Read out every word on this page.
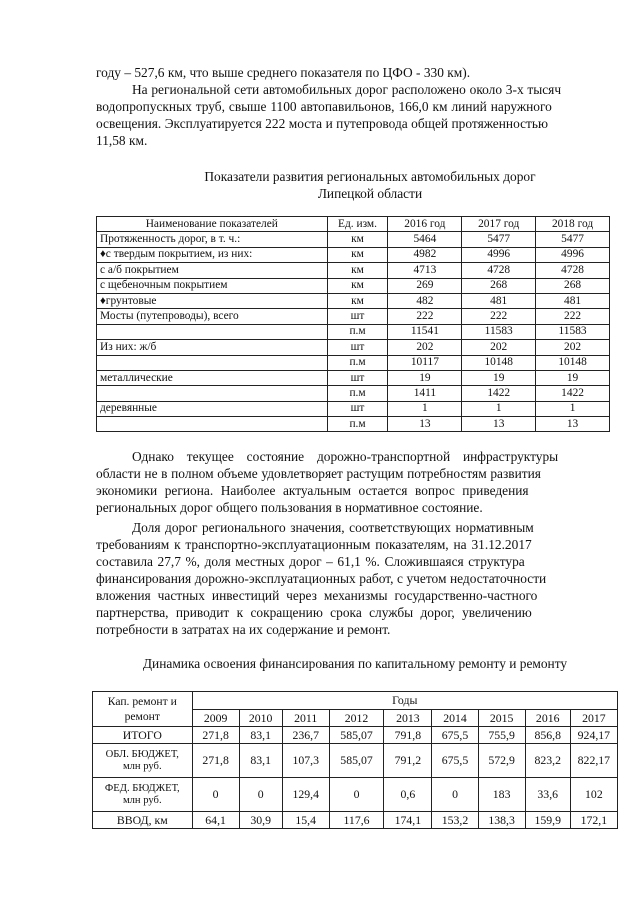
году – 527,6 км, что выше среднего показателя по ЦФО - 330 км).

На региональной сети автомобильных дорог расположено около 3-х тысяч

водопропускных труб, свыше 1100 автопавильонов, 166,0 км линий наружного

освещения. Эксплуатируется 222 моста и путепровода общей протяженностью

11,58 км.

Показатели развития региональных автомобильных дорог

Липецкой области

Наименование показателей	Ед. изм.	2016 год	2017 год	2018 год
Протяженность дорог, в т. ч.:	км	5464	5477	5477
♦с твердым покрытием, из них:	км	4982	4996	4996
с а/б покрытием	км	4713	4728	4728
с щебеночным покрытием	км	269	268	268
♦грунтовые	км	482	481	481
Мосты (путепроводы), всего	шт	222	222	222
	п.м	11541	11583	11583
Из них: ж/б	шт	202	202	202
	п.м	10117	10148	10148
металлические	шт	19	19	19
	п.м	1411	1422	1422
деревянные	шт	1	1	1
	п.м	13	13	13

Однако текущее состояние дорожно-транспортной инфраструктуры

области не в полном объеме удовлетворяет растущим потребностям развития

экономики региона. Наиболее актуальным остается вопрос приведения

региональных дорог общего пользования в нормативное состояние.

Доля дорог регионального значения, соответствующих нормативным

требованиям к транспортно-эксплуатационным показателям, на 31.12.2017

составила 27,7 %, доля местных дорог – 61,1 %. Сложившаяся структура

финансирования дорожно-эксплуатационных работ, с учетом недостаточности

вложения частных инвестиций через механизмы государственно-частного

партнерства, приводит к сокращению срока службы дорог, увеличению

потребности в затратах на их содержание и ремонт.

Динамика освоения финансирования по капитальному ремонту и ремонту

Кап. ремонт и
ремонт	Годы								
	2009	2010	2011	2012	2013	2014	2015	2016	2017
ИТОГО	271,8	83,1	236,7	585,07	791,8	675,5	755,9	856,8	924,17

ОБЛ. БЮДЖЕТ,
млн руб.	271,8	83,1	107,3	585,07	791,2	675,5	572,9	823,2	822,17

ФЕД. БЮДЖЕТ,
млн руб.	0	0	129,4	0	0,6	0	183	33,6	102
ВВОД, км	64,1	30,9	15,4	117,6	174,1	153,2	138,3	159,9	172,1
